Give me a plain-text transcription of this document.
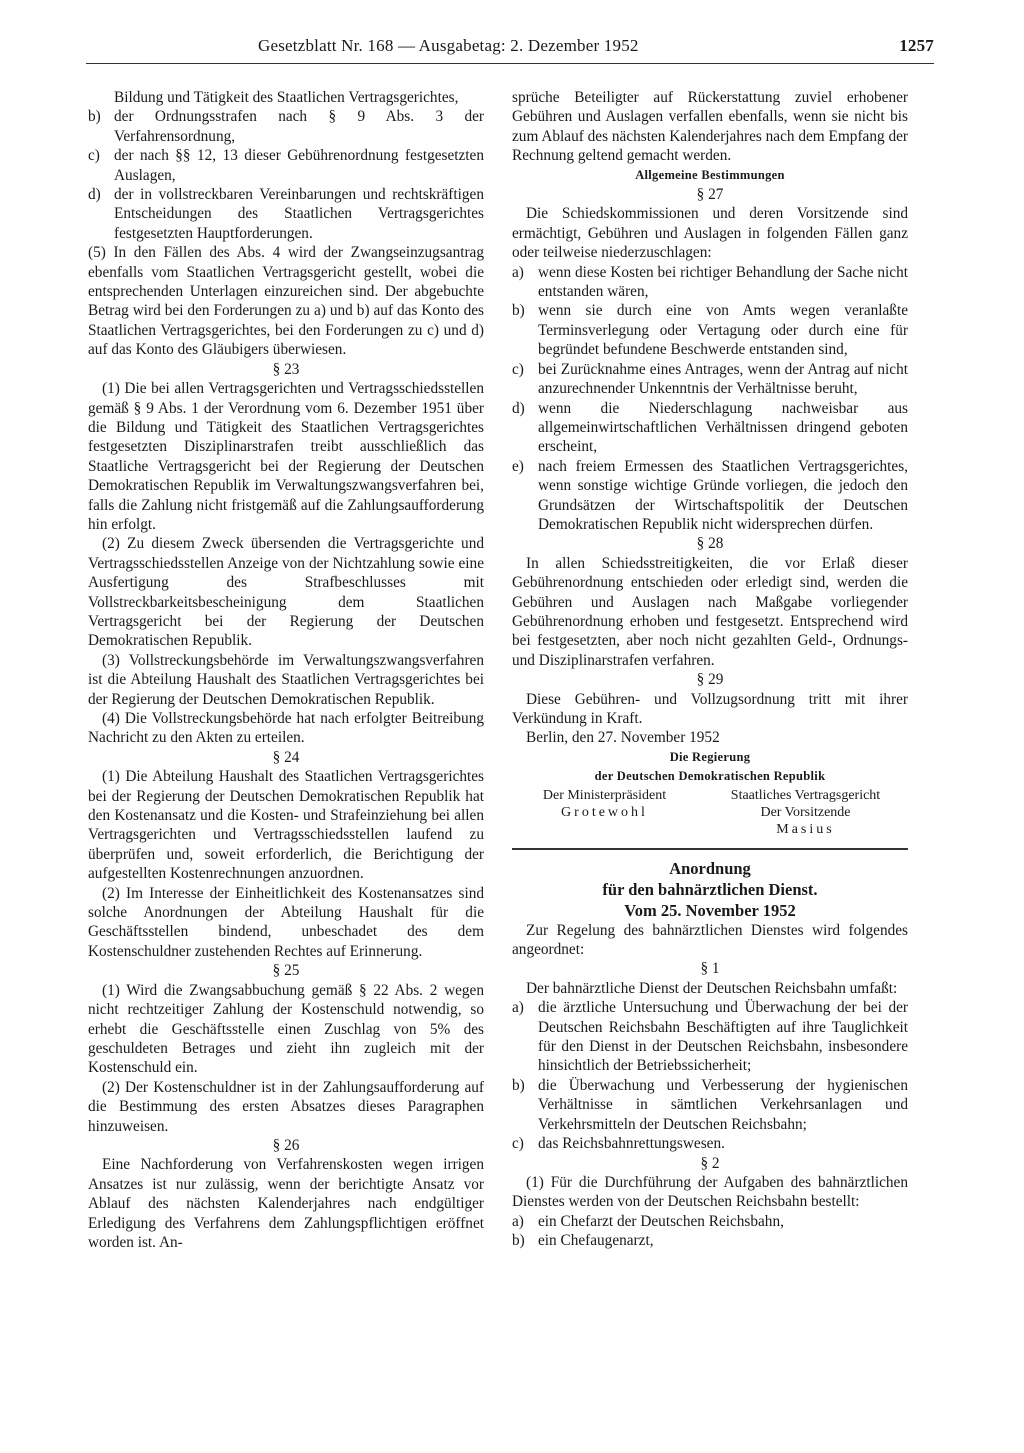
Gesetzblatt Nr. 168 — Ausgabetag: 2. Dezember 1952	1257

Bildung und Tätigkeit des Staatlichen Vertragsgerichtes,

b) der Ordnungsstrafen nach § 9 Abs. 3 der Verfahrensordnung,
c) der nach §§ 12, 13 dieser Gebührenordnung festgesetzten Auslagen,
d) der in vollstreckbaren Vereinbarungen und rechtskräftigen Entscheidungen des Staatlichen Vertragsgerichtes festgesetzten Hauptforderungen.

(5) In den Fällen des Abs. 4 wird der Zwangseinzugsantrag ebenfalls vom Staatlichen Vertragsgericht gestellt, wobei die entsprechenden Unterlagen einzureichen sind. Der abgebuchte Betrag wird bei den Forderungen zu a) und b) auf das Konto des Staatlichen Vertragsgerichtes, bei den Forderungen zu c) und d) auf das Konto des Gläubigers überwiesen.

§ 23

(1) Die bei allen Vertragsgerichten und Vertragsschiedsstellen gemäß § 9 Abs. 1 der Verordnung vom 6. Dezember 1951 über die Bildung und Tätigkeit des Staatlichen Vertragsgerichtes festgesetzten Disziplinarstrafen treibt ausschließlich das Staatliche Vertragsgericht bei der Regierung der Deutschen Demokratischen Republik im Verwaltungszwangsverfahren bei, falls die Zahlung nicht fristgemäß auf die Zahlungsaufforderung hin erfolgt.

(2) Zu diesem Zweck übersenden die Vertragsgerichte und Vertragsschiedsstellen Anzeige von der Nichtzahlung sowie eine Ausfertigung des Strafbeschlusses mit Vollstreckbarkeitsbescheinigung dem Staatlichen Vertragsgericht bei der Regierung der Deutschen Demokratischen Republik.

(3) Vollstreckungsbehörde im Verwaltungszwangsverfahren ist die Abteilung Haushalt des Staatlichen Vertragsgerichtes bei der Regierung der Deutschen Demokratischen Republik.

(4) Die Vollstreckungsbehörde hat nach erfolgter Beitreibung Nachricht zu den Akten zu erteilen.

§ 24

(1) Die Abteilung Haushalt des Staatlichen Vertragsgerichtes bei der Regierung der Deutschen Demokratischen Republik hat den Kostenansatz und die Kosten- und Strafeinziehung bei allen Vertragsgerichten und Vertragsschiedsstellen laufend zu überprüfen und, soweit erforderlich, die Berichtigung der aufgestellten Kostenrechnungen anzuordnen.

(2) Im Interesse der Einheitlichkeit des Kostenansatzes sind solche Anordnungen der Abteilung Haushalt für die Geschäftsstellen bindend, unbeschadet des dem Kostenschuldner zustehenden Rechtes auf Erinnerung.

§ 25

(1) Wird die Zwangsabbuchung gemäß § 22 Abs. 2 wegen nicht rechtzeitiger Zahlung der Kostenschuld notwendig, so erhebt die Geschäftsstelle einen Zuschlag von 5% des geschuldeten Betrages und zieht ihn zugleich mit der Kostenschuld ein.

(2) Der Kostenschuldner ist in der Zahlungsaufforderung auf die Bestimmung des ersten Absatzes dieses Paragraphen hinzuweisen.

§ 26

Eine Nachforderung von Verfahrenskosten wegen irrigen Ansatzes ist nur zulässig, wenn der berichtigte Ansatz vor Ablauf des nächsten Kalenderjahres nach endgültiger Erledigung des Verfahrens dem Zahlungspflichtigen eröffnet worden ist. An-

sprüche Beteiligter auf Rückerstattung zuviel erhobener Gebühren und Auslagen verfallen ebenfalls, wenn sie nicht bis zum Ablauf des nächsten Kalenderjahres nach dem Empfang der Rechnung geltend gemacht werden.

Allgemeine Bestimmungen

§ 27

Die Schiedskommissionen und deren Vorsitzende sind ermächtigt, Gebühren und Auslagen in folgenden Fällen ganz oder teilweise niederzuschlagen:

a) wenn diese Kosten bei richtiger Behandlung der Sache nicht entstanden wären,
b) wenn sie durch eine von Amts wegen veranlaßte Terminsverlegung oder Vertagung oder durch eine für begründet befundene Beschwerde entstanden sind,
c) bei Zurücknahme eines Antrages, wenn der Antrag auf nicht anzurechnender Unkenntnis der Verhältnisse beruht,
d) wenn die Niederschlagung nachweisbar aus allgemeinwirtschaftlichen Verhältnissen dringend geboten erscheint,
e) nach freiem Ermessen des Staatlichen Vertragsgerichtes, wenn sonstige wichtige Gründe vorliegen, die jedoch den Grundsätzen der Wirtschaftspolitik der Deutschen Demokratischen Republik nicht widersprechen dürfen.

§ 28

In allen Schiedsstreitigkeiten, die vor Erlaß dieser Gebührenordnung entschieden oder erledigt sind, werden die Gebühren und Auslagen nach Maßgabe vorliegender Gebührenordnung erhoben und festgesetzt. Entsprechend wird bei festgesetzten, aber noch nicht gezahlten Geld-, Ordnungs- und Disziplinarstrafen verfahren.

§ 29

Diese Gebühren- und Vollzugsordnung tritt mit ihrer Verkündung in Kraft.

Berlin, den 27. November 1952

Die Regierung

der Deutschen Demokratischen Republik

Der Ministerpräsident
Grotewohl
Staatliches Vertragsgericht
Der Vorsitzende
Masius

Anordnung

für den bahnärztlichen Dienst.

Vom 25. November 1952

Zur Regelung des bahnärztlichen Dienstes wird folgendes angeordnet:

§ 1

Der bahnärztliche Dienst der Deutschen Reichsbahn umfaßt:

a) die ärztliche Untersuchung und Überwachung der bei der Deutschen Reichsbahn Beschäftigten auf ihre Tauglichkeit für den Dienst in der Deutschen Reichsbahn, insbesondere hinsichtlich der Betriebssicherheit;
b) die Überwachung und Verbesserung der hygienischen Verhältnisse in sämtlichen Verkehrsanlagen und Verkehrsmitteln der Deutschen Reichsbahn;
c) das Reichsbahnrettungswesen.

§ 2

(1) Für die Durchführung der Aufgaben des bahnärztlichen Dienstes werden von der Deutschen Reichsbahn bestellt:

a) ein Chefarzt der Deutschen Reichsbahn,
b) ein Chefaugenarzt,
